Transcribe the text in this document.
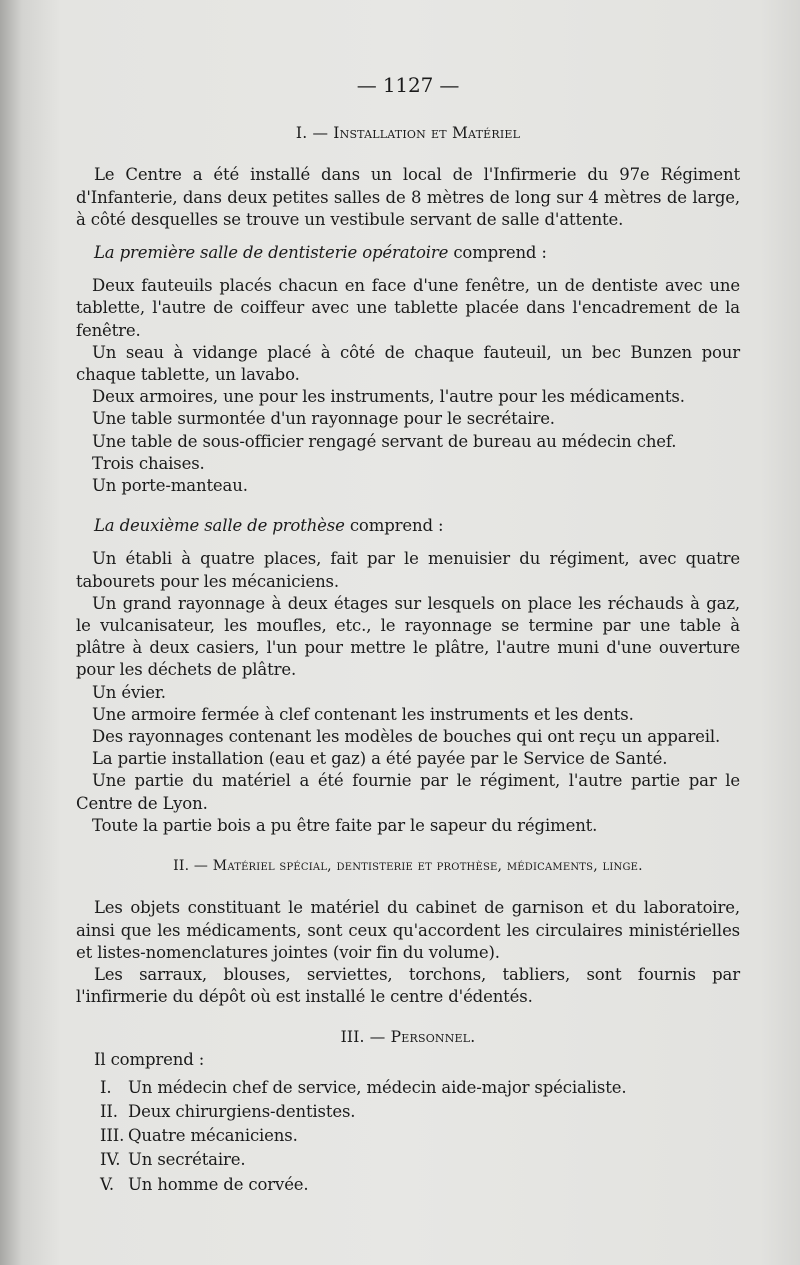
— 1127 —
I. — Installation et Matériel

Le Centre a été installé dans un local de l'Infirmerie du 97e Régiment d'Infanterie, dans deux petites salles de 8 mètres de long sur 4 mètres de large, à côté desquelles se trouve un vestibule servant de salle d'attente.

La première salle de dentisterie opératoire comprend :

Deux fauteuils placés chacun en face d'une fenêtre, un de dentiste avec une tablette, l'autre de coiffeur avec une tablette placée dans l'encadrement de la fenêtre.

Un seau à vidange placé à côté de chaque fauteuil, un bec Bunzen pour chaque tablette, un lavabo.

Deux armoires, une pour les instruments, l'autre pour les médicaments.

Une table surmontée d'un rayonnage pour le secrétaire.

Une table de sous-officier rengagé servant de bureau au médecin chef.

Trois chaises.

Un porte-manteau.

La deuxième salle de prothèse comprend :

Un établi à quatre places, fait par le menuisier du régiment, avec quatre tabourets pour les mécaniciens.

Un grand rayonnage à deux étages sur lesquels on place les réchauds à gaz, le vulcanisateur, les moufles, etc., le rayonnage se termine par une table à plâtre à deux casiers, l'un pour mettre le plâtre, l'autre muni d'une ouverture pour les déchets de plâtre.

Un évier.

Une armoire fermée à clef contenant les instruments et les dents.

Des rayonnages contenant les modèles de bouches qui ont reçu un appareil.

La partie installation (eau et gaz) a été payée par le Service de Santé.

Une partie du matériel a été fournie par le régiment, l'autre partie par le Centre de Lyon.

Toute la partie bois a pu être faite par le sapeur du régiment.

II. — Matériel spécial, dentisterie et prothèse, médicaments, linge.

Les objets constituant le matériel du cabinet de garnison et du laboratoire, ainsi que les médicaments, sont ceux qu'accordent les circulaires ministérielles et listes-nomenclatures jointes (voir fin du volume).

Les sarraux, blouses, serviettes, torchons, tabliers, sont fournis par l'infirmerie du dépôt où est installé le centre d'édentés.

III. — Personnel.

Il comprend :

I. Un médecin chef de service, médecin aide-major spécialiste.
II. Deux chirurgiens-dentistes.
III. Quatre mécaniciens.
IV. Un secrétaire.
V. Un homme de corvée.
